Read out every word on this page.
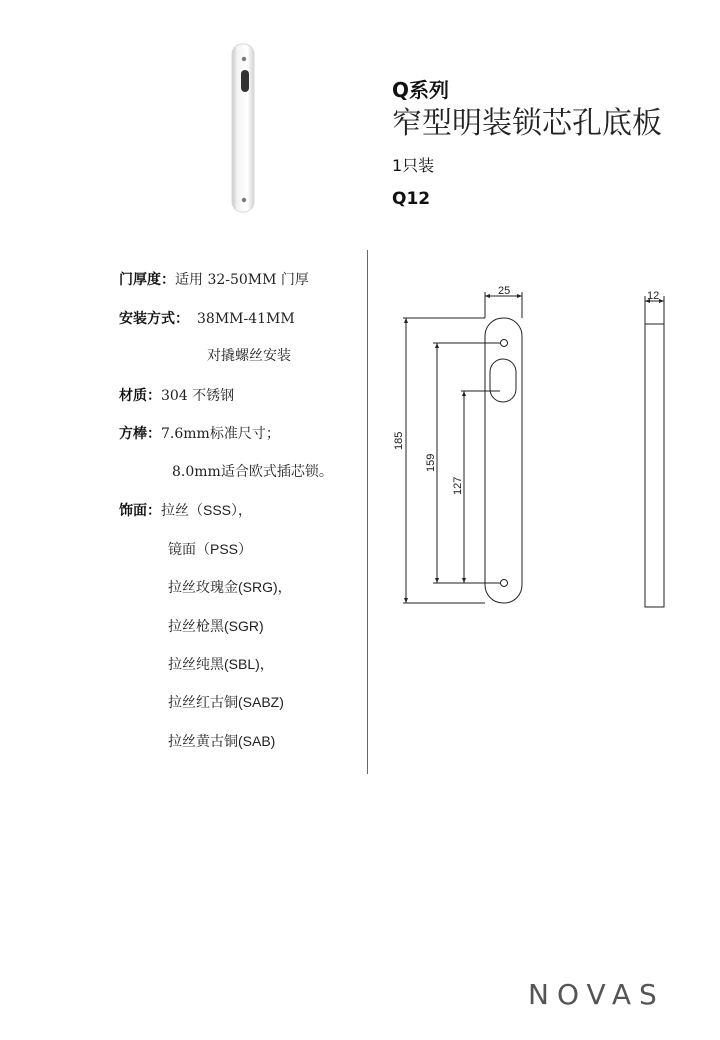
Q系列
窄型明装锁芯孔底板
1只装
Q12
门厚度：适用 32-50MM 门厚
安装方式： 38MM-41MM
对撬螺丝安装
材质：304 不锈钢
方棒：7.6mm标准尺寸；
8.0mm适合欧式插芯锁。
饰面：拉丝（SSS），
镜面（PSS）
拉丝玫瑰金(SRG)，
拉丝枪黑(SGR)
拉丝纯黑(SBL)，
拉丝红古铜(SABZ)
拉丝黄古铜(SAB)
25	12
185
159
127
NOVAS
